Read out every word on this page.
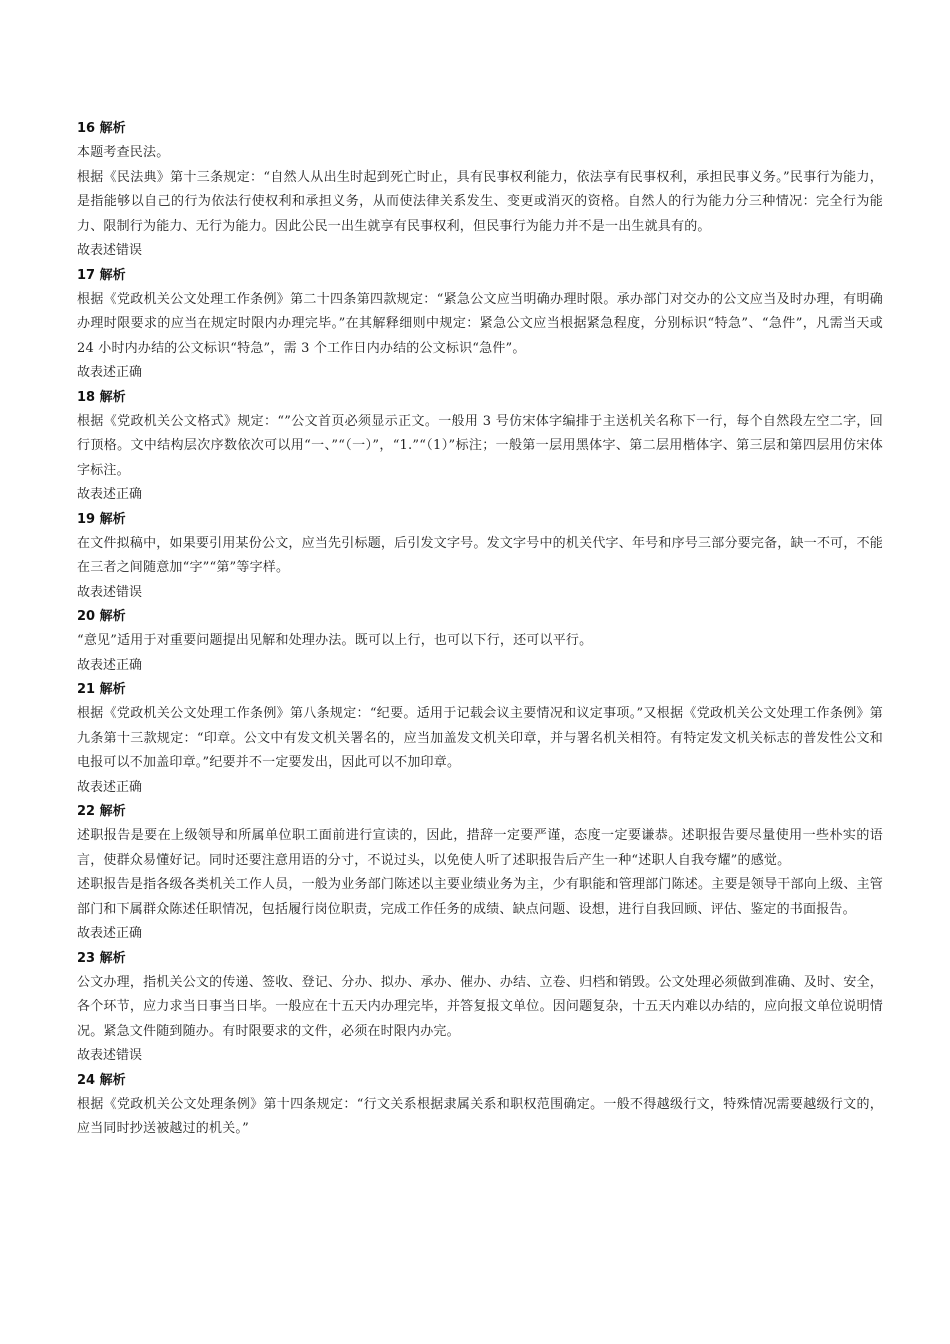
16 解析

本题考查民法。

根据《民法典》第十三条规定：“自然人从出生时起到死亡时止，具有民事权利能力，依法享有民事权利，承担民事义务。”民事行为能力，是指能够以自己的行为依法行使权利和承担义务，从而使法律关系发生、变更或消灭的资格。自然人的行为能力分三种情况：完全行为能力、限制行为能力、无行为能力。因此公民一出生就享有民事权利，但民事行为能力并不是一出生就具有的。

故表述错误

17 解析

根据《党政机关公文处理工作条例》第二十四条第四款规定：“紧急公文应当明确办理时限。承办部门对交办的公文应当及时办理，有明确办理时限要求的应当在规定时限内办理完毕。”在其解释细则中规定：紧急公文应当根据紧急程度，分别标识“特急”、“急件”，凡需当天或 24 小时内办结的公文标识“特急”，需 3 个工作日内办结的公文标识“急件”。

故表述正确

18 解析

根据《党政机关公文格式》规定：“”公文首页必须显示正文。一般用 3 号仿宋体字编排于主送机关名称下一行，每个自然段左空二字，回行顶格。文中结构层次序数依次可以用“一、”“（一）”，“1.”“（1）”标注；一般第一层用黑体字、第二层用楷体字、第三层和第四层用仿宋体字标注。

故表述正确

19 解析

在文件拟稿中，如果要引用某份公文，应当先引标题，后引发文字号。发文字号中的机关代字、年号和序号三部分要完备，缺一不可，不能在三者之间随意加“字”“第”等字样。

故表述错误

20 解析

“意见”适用于对重要问题提出见解和处理办法。既可以上行，也可以下行，还可以平行。

故表述正确

21 解析

根据《党政机关公文处理工作条例》第八条规定：“纪要。适用于记载会议主要情况和议定事项。”又根据《党政机关公文处理工作条例》第九条第十三款规定：“印章。公文中有发文机关署名的，应当加盖发文机关印章，并与署名机关相符。有特定发文机关标志的普发性公文和电报可以不加盖印章。”纪要并不一定要发出，因此可以不加印章。

故表述正确

22 解析

述职报告是要在上级领导和所属单位职工面前进行宣读的，因此，措辞一定要严谨，态度一定要谦恭。述职报告要尽量使用一些朴实的语言，使群众易懂好记。同时还要注意用语的分寸，不说过头，以免使人听了述职报告后产生一种“述职人自我夸耀”的感觉。

述职报告是指各级各类机关工作人员，一般为业务部门陈述以主要业绩业务为主，少有职能和管理部门陈述。主要是领导干部向上级、主管部门和下属群众陈述任职情况，包括履行岗位职责，完成工作任务的成绩、缺点问题、设想，进行自我回顾、评估、鉴定的书面报告。

故表述正确

23 解析

公文办理，指机关公文的传递、签收、登记、分办、拟办、承办、催办、办结、立卷、归档和销毁。公文处理必须做到准确、及时、安全，各个环节，应力求当日事当日毕。一般应在十五天内办理完毕，并答复报文单位。因问题复杂，十五天内难以办结的，应向报文单位说明情况。紧急文件随到随办。有时限要求的文件，必须在时限内办完。

故表述错误

24 解析

根据《党政机关公文处理条例》第十四条规定：“行文关系根据隶属关系和职权范围确定。一般不得越级行文，特殊情况需要越级行文的，应当同时抄送被越过的机关。”
